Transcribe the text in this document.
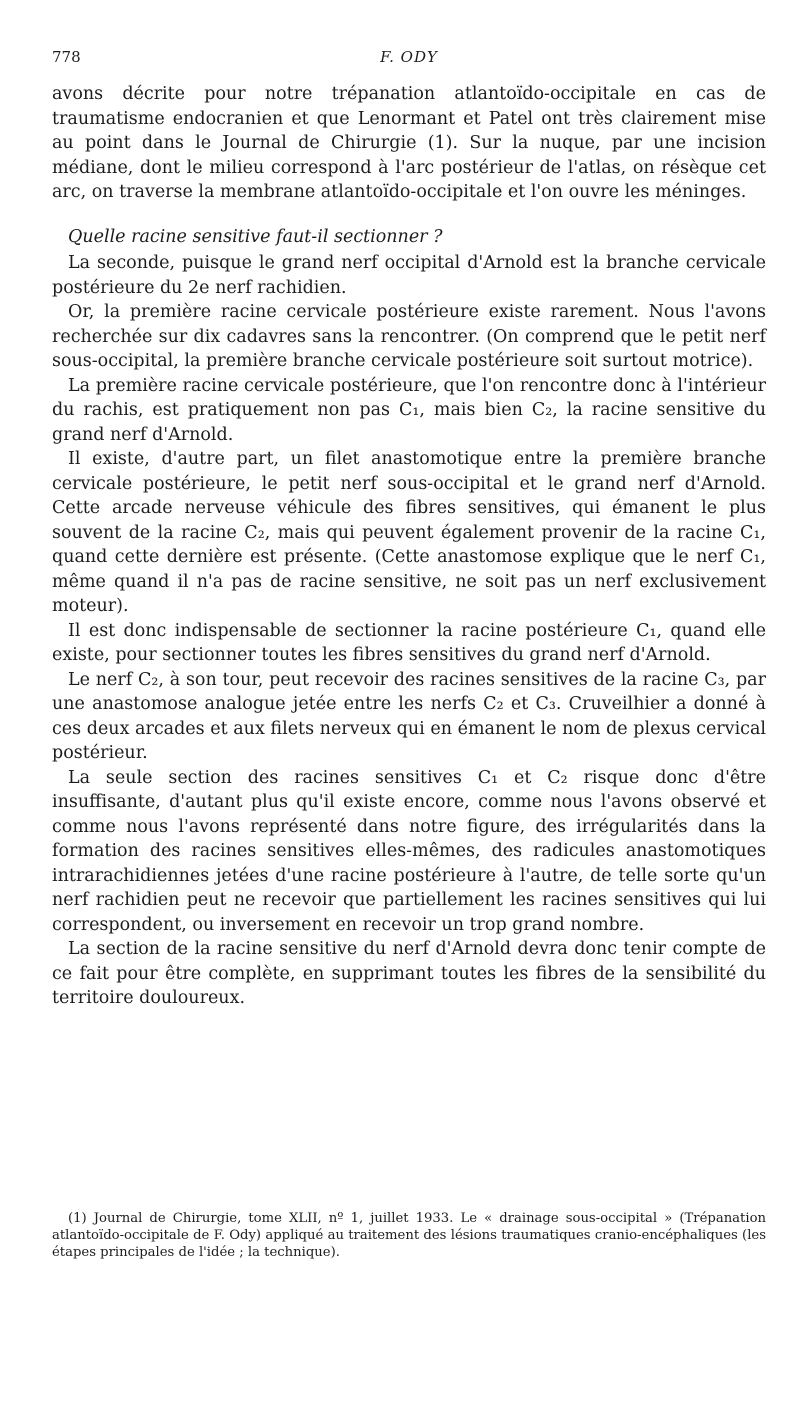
778	F. ODY

avons décrite pour notre trépanation atlantoïdo-occipitale en cas de traumatisme endocranien et que Lenormant et Patel ont très clairement mise au point dans le Journal de Chirurgie (1). Sur la nuque, par une incision médiane, dont le milieu correspond à l'arc postérieur de l'atlas, on résèque cet arc, on traverse la membrane atlantoïdo-occipitale et l'on ouvre les méninges.

Quelle racine sensitive faut-il sectionner ?

La seconde, puisque le grand nerf occipital d'Arnold est la branche cervicale postérieure du 2e nerf rachidien.

Or, la première racine cervicale postérieure existe rarement. Nous l'avons recherchée sur dix cadavres sans la rencontrer. (On comprend que le petit nerf sous-occipital, la première branche cervicale postérieure soit surtout motrice).

La première racine cervicale postérieure, que l'on rencontre donc à l'intérieur du rachis, est pratiquement non pas C₁, mais bien C₂, la racine sensitive du grand nerf d'Arnold.

Il existe, d'autre part, un filet anastomotique entre la première branche cervicale postérieure, le petit nerf sous-occipital et le grand nerf d'Arnold. Cette arcade nerveuse véhicule des fibres sensitives, qui émanent le plus souvent de la racine C₂, mais qui peuvent également provenir de la racine C₁, quand cette dernière est présente. (Cette anastomose explique que le nerf C₁, même quand il n'a pas de racine sensitive, ne soit pas un nerf exclusivement moteur).

Il est donc indispensable de sectionner la racine postérieure C₁, quand elle existe, pour sectionner toutes les fibres sensitives du grand nerf d'Arnold.

Le nerf C₂, à son tour, peut recevoir des racines sensitives de la racine C₃, par une anastomose analogue jetée entre les nerfs C₂ et C₃. Cruveilhier a donné à ces deux arcades et aux filets nerveux qui en émanent le nom de plexus cervical postérieur.

La seule section des racines sensitives C₁ et C₂ risque donc d'être insuffisante, d'autant plus qu'il existe encore, comme nous l'avons observé et comme nous l'avons représenté dans notre figure, des irrégularités dans la formation des racines sensitives elles-mêmes, des radicules anastomotiques intrarachidiennes jetées d'une racine postérieure à l'autre, de telle sorte qu'un nerf rachidien peut ne recevoir que partiellement les racines sensitives qui lui correspondent, ou inversement en recevoir un trop grand nombre.

La section de la racine sensitive du nerf d'Arnold devra donc tenir compte de ce fait pour être complète, en supprimant toutes les fibres de la sensibilité du territoire douloureux.

(1) Journal de Chirurgie, tome XLII, nº 1, juillet 1933. Le « drainage sous-occipital » (Trépanation atlantoïdo-occipitale de F. Ody) appliqué au traitement des lésions traumatiques cranio-encéphaliques (les étapes principales de l'idée ; la technique).
